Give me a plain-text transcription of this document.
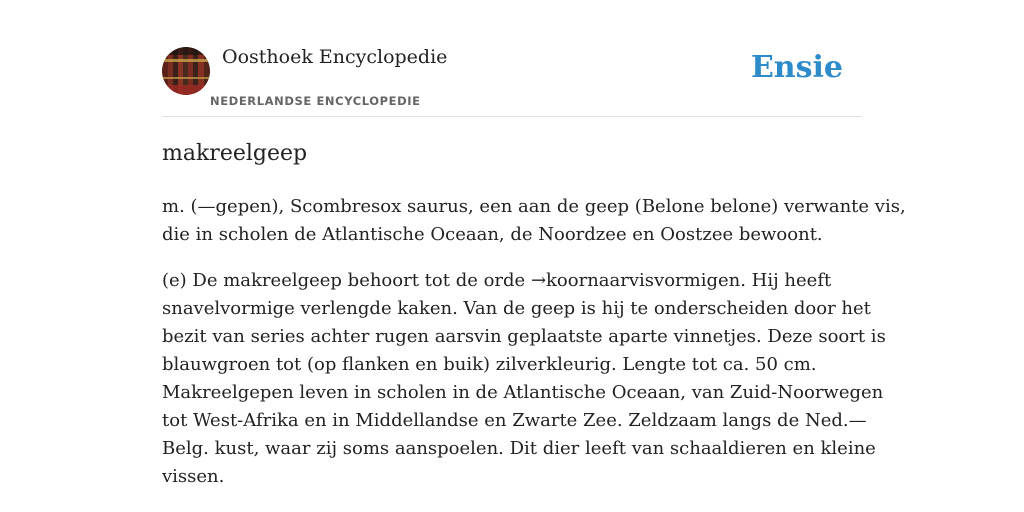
Oosthoek Encyclopedie
NEDERLANDSE ENCYCLOPEDIE
Ensie
makreelgeep

m. (—gepen), Scombresox saurus, een aan de geep (Belone belone) verwante vis,
die in scholen de Atlantische Oceaan, de Noordzee en Oostzee bewoont.

(e) De makreelgeep behoort tot de orde →koornaarvisvormigen. Hij heeft
snavelvormige verlengde kaken. Van de geep is hij te onderscheiden door het
bezit van series achter rugen aarsvin geplaatste aparte vinnetjes. Deze soort is
blauwgroen tot (op flanken en buik) zilverkleurig. Lengte tot ca. 50 cm.
Makreelgepen leven in scholen in de Atlantische Oceaan, van Zuid-Noorwegen
tot West-Afrika en in Middellandse en Zwarte Zee. Zeldzaam langs de Ned.—
Belg. kust, waar zij soms aanspoelen. Dit dier leeft van schaaldieren en kleine
vissen.
